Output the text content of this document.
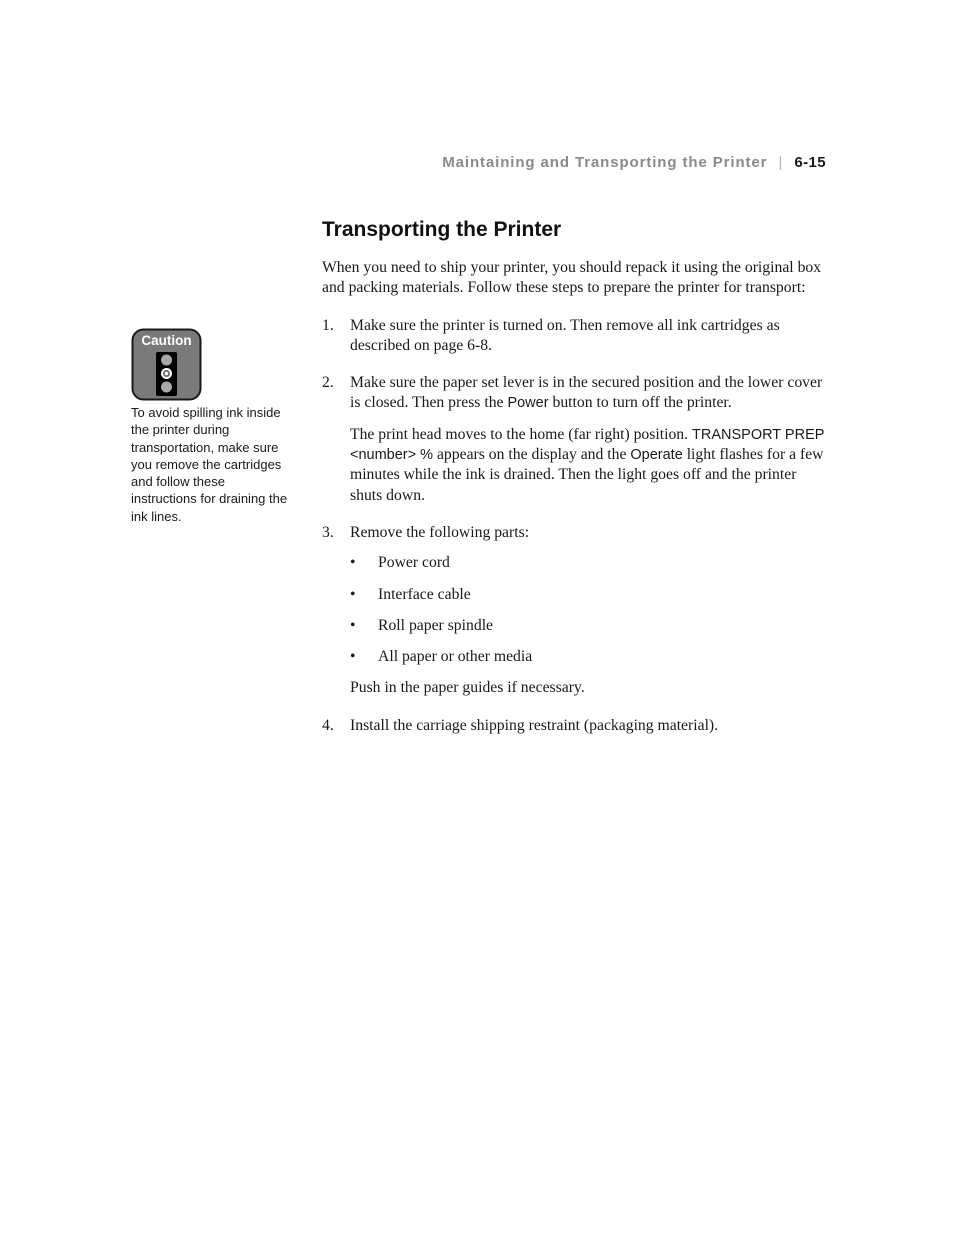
Maintaining and Transporting the Printer | 6-15
Transporting the Printer
Caution

To avoid spilling ink inside the printer during transportation, make sure you remove the cartridges and follow these instructions for draining the ink lines.

When you need to ship your printer, you should repack it using the original box and packing materials. Follow these steps to prepare the printer for transport:

1. Make sure the printer is turned on. Then remove all ink cartridges as described on page 6-8.

2. Make sure the paper set lever is in the secured position and the lower cover is closed. Then press the Power button to turn off the printer.

The print head moves to the home (far right) position. TRANSPORT PREP <number> % appears on the display and the Operate light flashes for a few minutes while the ink is drained. Then the light goes off and the printer shuts down.

3. Remove the following parts:

• Power cord
• Interface cable
• Roll paper spindle
• All paper or other media

Push in the paper guides if necessary.

4. Install the carriage shipping restraint (packaging material).
